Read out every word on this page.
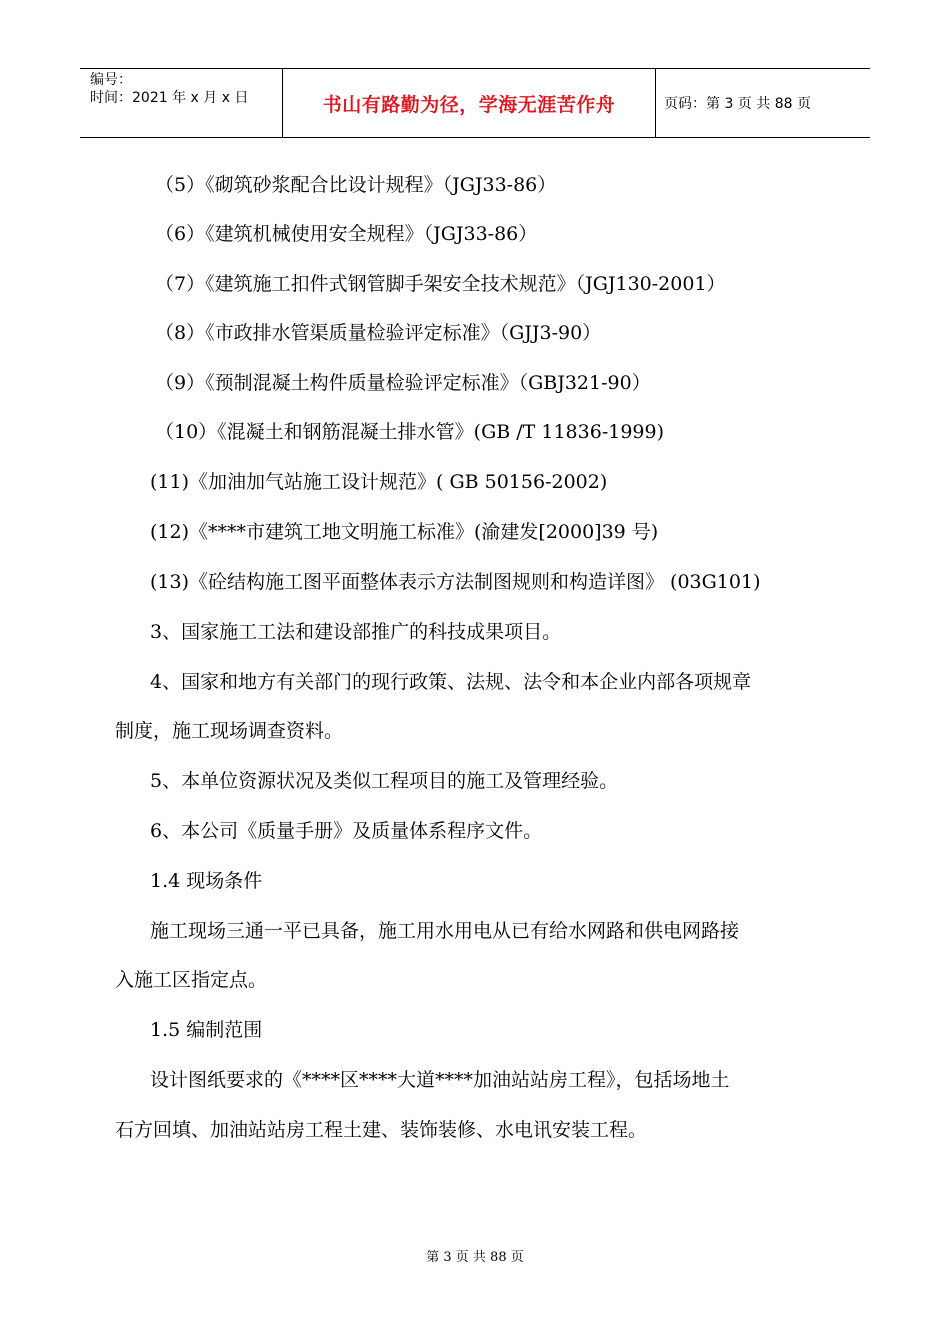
编号：
时间：2021 年 x 月 x 日	书山有路勤为径，学海无涯苦作舟	页码：第 3 页 共 88 页
（5）《砌筑砂浆配合比设计规程》（JGJ33-86）
（6）《建筑机械使用安全规程》（JGJ33-86）
（7）《建筑施工扣件式钢管脚手架安全技术规范》（JGJ130-2001）
（8）《市政排水管渠质量检验评定标准》（GJJ3-90）
（9）《预制混凝土构件质量检验评定标准》（GBJ321-90）
（10）《混凝土和钢筋混凝土排水管》(GB /T 11836-1999)
(11)《加油加气站施工设计规范》( GB 50156-2002)
(12)《****市建筑工地文明施工标准》(渝建发[2000]39 号)
(13)《砼结构施工图平面整体表示方法制图规则和构造详图》 (03G101)
3、国家施工工法和建设部推广的科技成果项目。
4、国家和地方有关部门的现行政策、法规、法令和本企业内部各项规章
制度，施工现场调查资料。
5、本单位资源状况及类似工程项目的施工及管理经验。
6、本公司《质量手册》及质量体系程序文件。
1.4 现场条件
施工现场三通一平已具备，施工用水用电从已有给水网路和供电网路接
入施工区指定点。
1.5 编制范围
设计图纸要求的《****区****大道****加油站站房工程》，包括场地土
石方回填、加油站站房工程土建、装饰装修、水电讯安装工程。
第 3 页 共 88 页
